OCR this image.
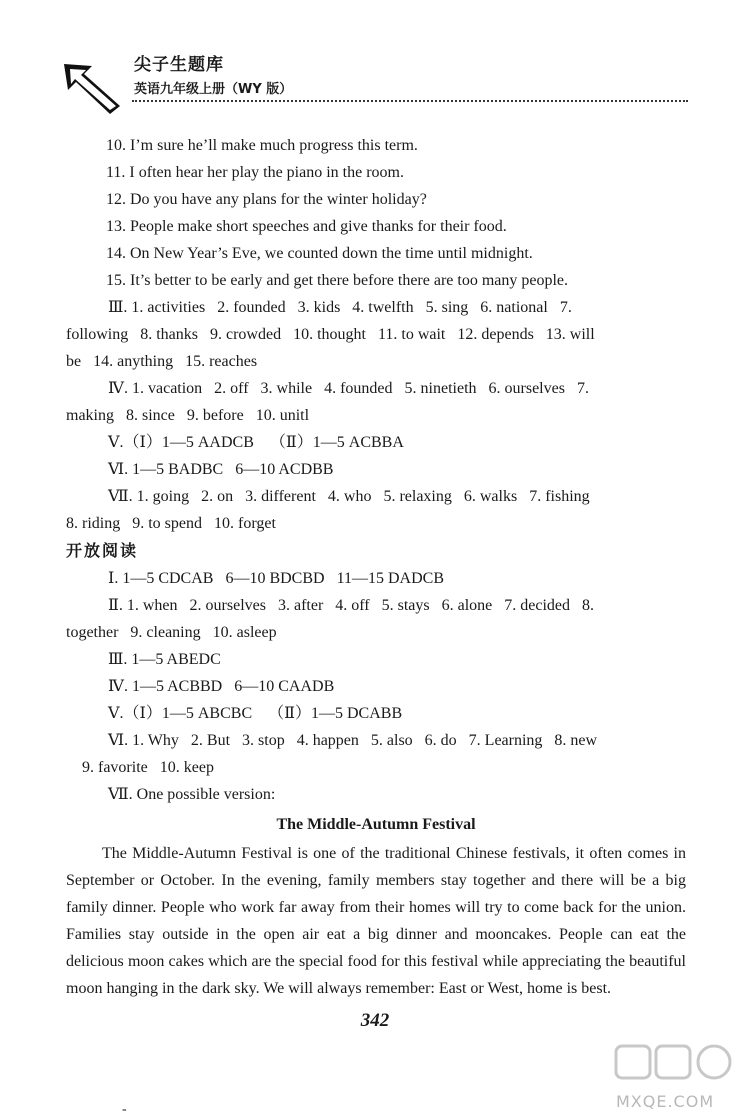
尖子生题库
英语九年级上册（WY 版）
10. I’m sure he’ll make much progress this term.
11. I often hear her play the piano in the room.
12. Do you have any plans for the winter holiday?
13. People make short speeches and give thanks for their food.
14. On New Year’s Eve, we counted down the time until midnight.
15. It’s better to be early and get there before there are too many people.
Ⅲ. 1. activities   2. founded   3. kids   4. twelfth   5. sing   6. national   7.
following   8. thanks   9. crowded   10. thought   11. to wait   12. depends   13. will
be   14. anything   15. reaches
Ⅳ. 1. vacation   2. off   3. while   4. founded   5. ninetieth   6. ourselves   7.
making   8. since   9. before   10. unitl
Ⅴ.（Ⅰ）1—5 AADCB    （Ⅱ）1—5 ACBBA
Ⅵ. 1—5 BADBC   6—10 ACDBB
Ⅶ. 1. going   2. on   3. different   4. who   5. relaxing   6. walks   7. fishing
8. riding   9. to spend   10. forget
开放阅读
Ⅰ. 1—5 CDCAB   6—10 BDCBD   11—15 DADCB
Ⅱ. 1. when   2. ourselves   3. after   4. off   5. stays   6. alone   7. decided   8.
together   9. cleaning   10. asleep
Ⅲ. 1—5 ABEDC
Ⅳ. 1—5 ACBBD   6—10 CAADB
Ⅴ.（Ⅰ）1—5 ABCBC    （Ⅱ）1—5 DCABB
Ⅵ. 1. Why   2. But   3. stop   4. happen   5. also   6. do   7. Learning   8. new
9. favorite   10. keep
Ⅶ. One possible version:
The Middle-Autumn Festival
The Middle-Autumn Festival is one of the traditional Chinese festivals, it often comes in September or October. In the evening, family members stay together and there will be a big family dinner. People who work far away from their homes will try to come back for the union. Families stay outside in the open air eat a big dinner and mooncakes. People can eat the delicious moon cakes which are the special food for this festival while appreciating the beautiful moon hanging in the dark sky. We will always remember: East or West, home is best.
342
MXQE.COM
-
